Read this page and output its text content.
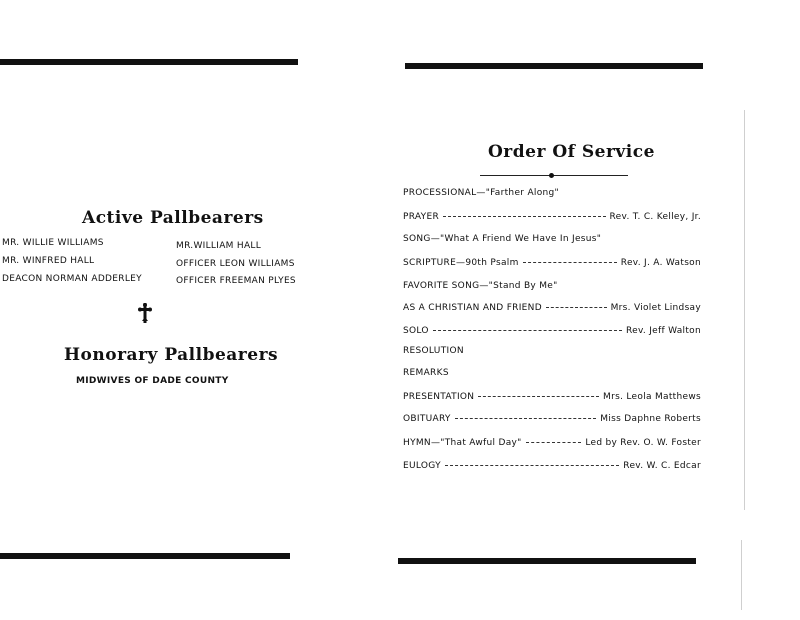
Active Pallbearers
MR. WILLIE WILLIAMS
MR. WINFRED HALL
DEACON NORMAN ADDERLEY
MR.WILLIAM HALL
OFFICER LEON WILLIAMS
OFFICER FREEMAN PLYES
Honorary Pallbearers
MIDWIVES OF DADE COUNTY
Order Of Service
PROCESSIONAL—"Farther Along"
PRAYER	Rev. T. C. Kelley, Jr.
SONG—"What A Friend We Have In Jesus"
SCRIPTURE—90th Psalm	Rev. J. A. Watson
FAVORITE SONG—"Stand By Me"
AS A CHRISTIAN AND FRIEND	Mrs. Violet Lindsay
SOLO	Rev. Jeff Walton
RESOLUTION
REMARKS
PRESENTATION	Mrs. Leola Matthews
OBITUARY	Miss Daphne Roberts
HYMN—"That Awful Day"	Led by Rev. O. W. Foster
EULOGY	Rev. W. C. Edcar
